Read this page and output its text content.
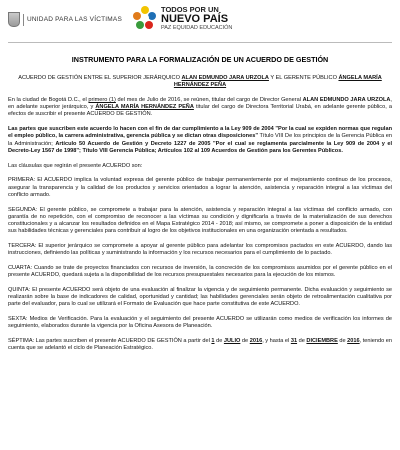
UNIDAD PARA LAS VÍCTIMAS
TODOS POR UN
NUEVO PAÍS
PAZ EQUIDAD EDUCACIÓN
INSTRUMENTO PARA LA FORMALIZACIÓN DE UN ACUERDO DE GESTIÓN

ACUERDO DE GESTIÓN ENTRE EL SUPERIOR JERÁRQUICO ALAN EDMUNDO JARA URZOLA Y EL GERENTE PÚBLICO ÁNGELA MARÍA HERNÁNDEZ PEÑA

En la ciudad de Bogotá D.C., el primero (1) del mes de Julio de 2016, se reúnen, titular del cargo de Director General ALAN EDMUNDO JARA URZOLA, en adelante superior jerárquico, y ÁNGELA MARÍA HERNÁNDEZ PEÑA titular del cargo de Directora Territorial Urabá, en adelante gerente público, a efectos de suscribir el presente ACUERDO DE GESTIÓN.

Las partes que suscriben este acuerdo lo hacen con el fin de dar cumplimiento a la Ley 909 de 2004 "Por la cual se expiden normas que regulan el empleo público, la carrera administrativa, gerencia pública y se dictan otras disposiciones" Título VIII De los principios de la Gerencia Pública en la Administración; Artículo 50 Acuerdo de Gestión y Decreto 1227 de 2005 "Por el cual se reglamenta parcialmente la Ley 909 de 2004 y el Decreto-Ley 1567 de 1998"; Título VIII Gerencia Pública; Artículos 102 al 109 Acuerdos de Gestión para los Gerentes Públicos.

Las cláusulas que regirán el presente ACUERDO son:

PRIMERA: El ACUERDO implica la voluntad expresa del gerente público de trabajar permanentemente por el mejoramiento continuo de los procesos, asegurar la transparencia y la calidad de los productos y servicios orientados a lograr la atención, asistencia y reparación integral a las víctimas del conflicto armado.

SEGUNDA: El gerente público, se compromete a trabajar para la atención, asistencia y reparación integral a las víctimas del conflicto armado, con garantía de no repetición, con el compromiso de reconocer a las víctimas su condición y dignificarla a través de la materialización de sus derechos constitucionales y a alcanzar los resultados definidos en el Mapa Estratégico 2014 - 2018; así mismo, se compromete a poner a disposición de la entidad sus habilidades técnicas y gerenciales para contribuir al logro de los objetivos institucionales en una organización orientada a resultados.

TERCERA: El superior jerárquico se compromete a apoyar al gerente público para adelantar los compromisos pactados en este ACUERDO, dando las instrucciones, definiendo las políticas y suministrando la información y los recursos necesarios para el cumplimiento de lo pactado.

CUARTA: Cuando se trate de proyectos financiados con recursos de inversión, la concreción de los compromisos asumidos por el gerente público en el presente ACUERDO, quedará sujeta a la disponibilidad de los recursos presupuestales necesarios para la ejecución de los mismos.

QUINTA: El presente ACUERDO será objeto de una evaluación al finalizar la vigencia y de seguimiento permanente. Dicha evaluación y seguimiento se realizarán sobre la base de indicadores de calidad, oportunidad y cantidad; las habilidades gerenciales serán objeto de retroalimentación cualitativa por parte del evaluador, para lo cual se utilizará el Formato de Evaluación que hace parte constitutiva de este ACUERDO.

SEXTA: Medios de Verificación. Para la evaluación y el seguimiento del presente ACUERDO se utilizarán como medios de verificación los informes de seguimiento, elaborados durante la vigencia por la Oficina Asesora de Planeación.

SÉPTIMA: Las partes suscriben el presente ACUERDO DE GESTIÓN a partir del 1 de JULIO de 2016, y hasta el 31 de DICIEMBRE de 2016, teniendo en cuenta que se adelantó el ciclo de Planeación Estratégico.
